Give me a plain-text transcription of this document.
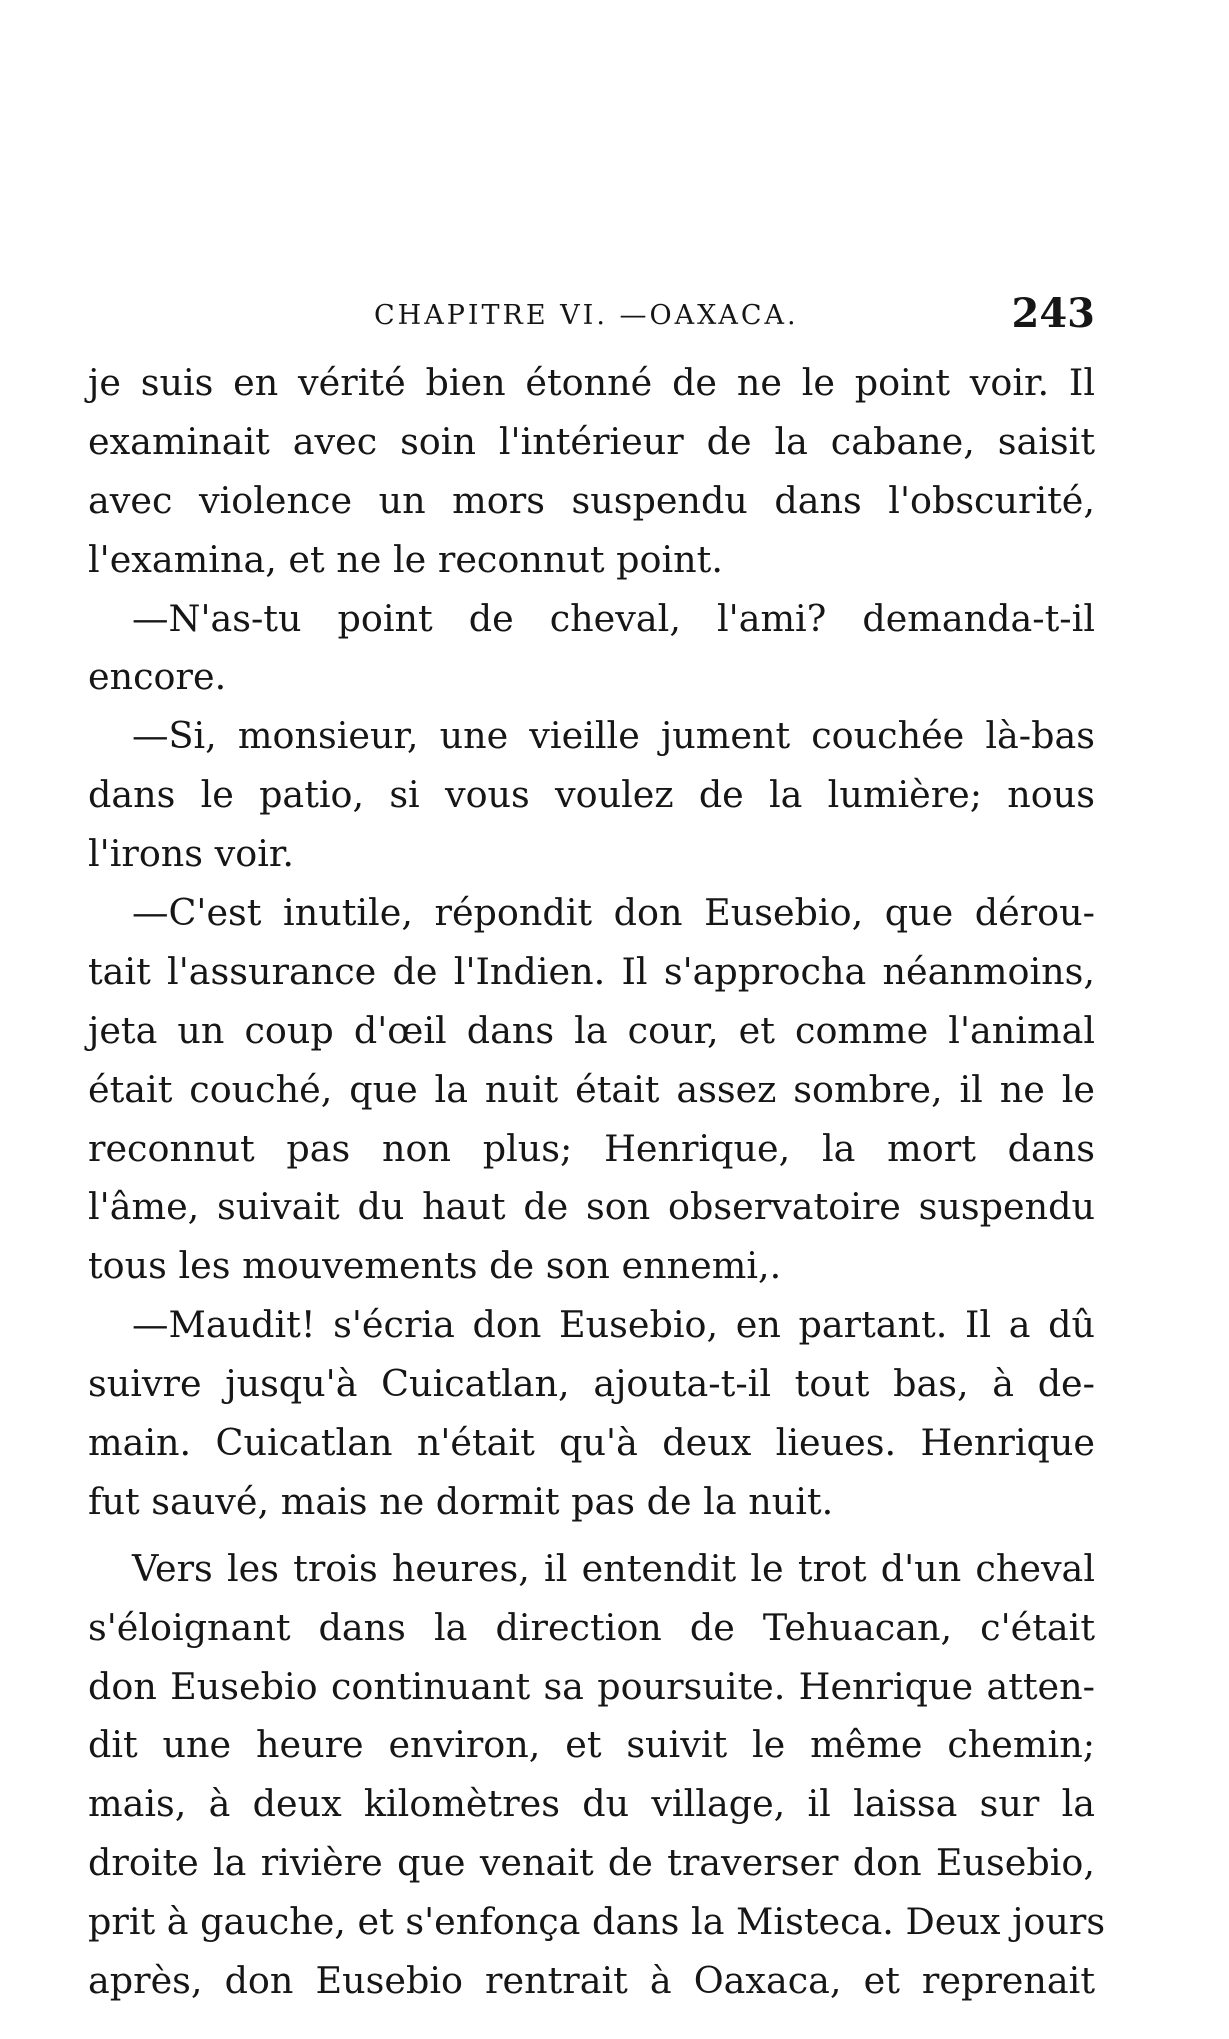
CHAPITRE VI. —OAXACA.	243
je suis en vérité bien étonné de ne le point voir. Il
examinait avec soin l'intérieur de la cabane, saisit
avec violence un mors suspendu dans l'obscurité,
l'examina, et ne le reconnut point.
—N'as-tu point de cheval, l'ami? demanda-t-il
encore.
—Si, monsieur, une vieille jument couchée là-bas
dans le patio, si vous voulez de la lumière; nous
l'irons voir.
—C'est inutile, répondit don Eusebio, que dérou-
tait l'assurance de l'Indien. Il s'approcha néanmoins,
jeta un coup d'œil dans la cour, et comme l'animal
était couché, que la nuit était assez sombre, il ne le
reconnut pas non plus; Henrique, la mort dans
l'âme, suivait du haut de son observatoire suspendu
tous les mouvements de son ennemi,.
—Maudit! s'écria don Eusebio, en partant. Il a dû
suivre jusqu'à Cuicatlan, ajouta-t-il tout bas, à de-
main. Cuicatlan n'était qu'à deux lieues. Henrique
fut sauvé, mais ne dormit pas de la nuit.
Vers les trois heures, il entendit le trot d'un cheval
s'éloignant dans la direction de Tehuacan, c'était
don Eusebio continuant sa poursuite. Henrique atten-
dit une heure environ, et suivit le même chemin;
mais, à deux kilomètres du village, il laissa sur la
droite la rivière que venait de traverser don Eusebio,
prit à gauche, et s'enfonça dans la Misteca. Deux jours
après, don Eusebio rentrait à Oaxaca, et reprenait
